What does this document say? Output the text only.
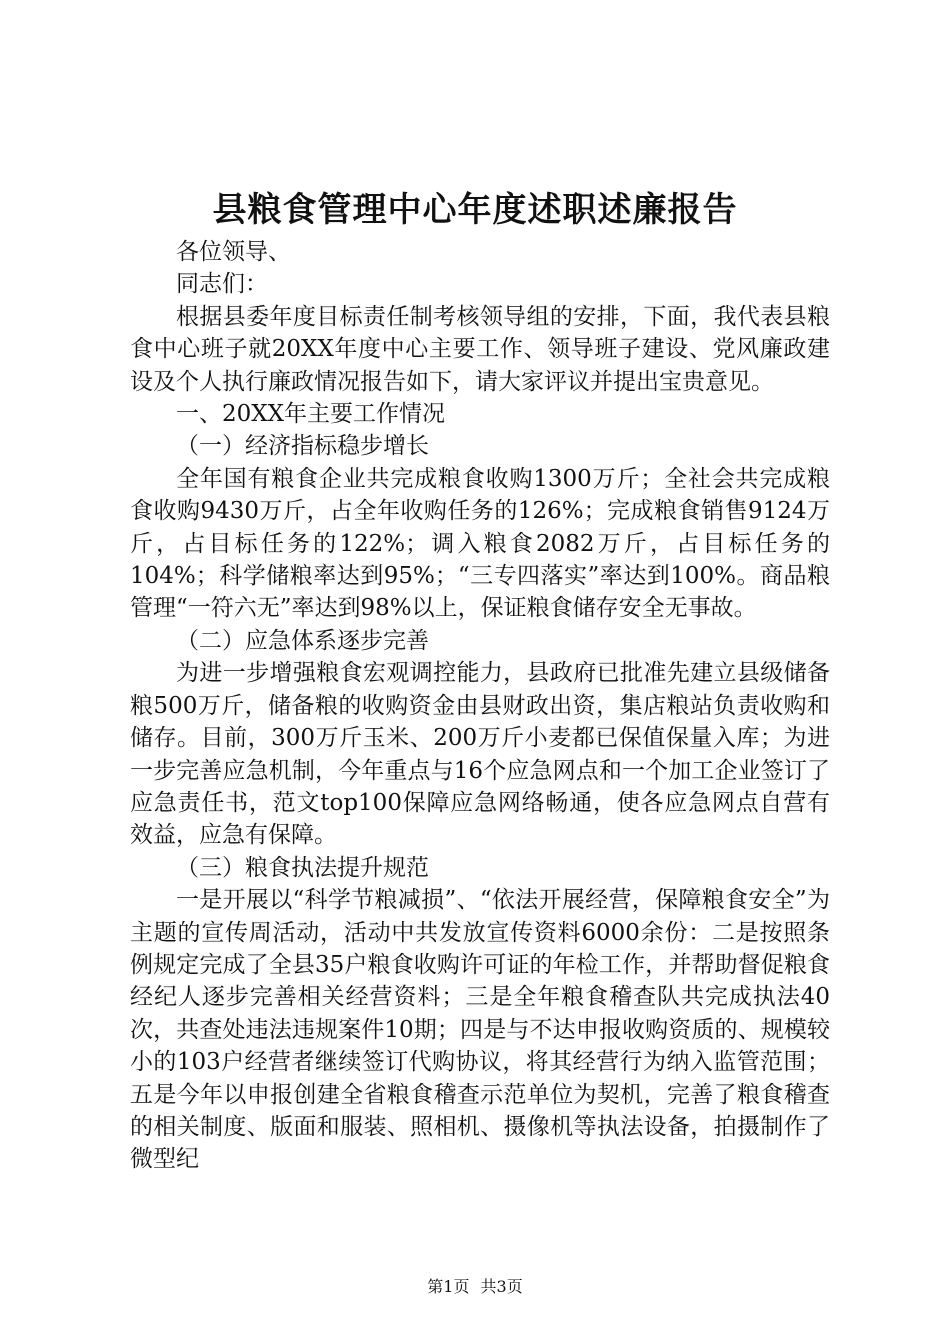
县粮食管理中心年度述职述廉报告

各位领导、

同志们：

根据县委年度目标责任制考核领导组的安排，下面，我代表县粮食中心班子就20XX年度中心主要工作、领导班子建设、党风廉政建设及个人执行廉政情况报告如下，请大家评议并提出宝贵意见。

一、20XX年主要工作情况

（一）经济指标稳步增长

全年国有粮食企业共完成粮食收购1300万斤；全社会共完成粮食收购9430万斤，占全年收购任务的126%；完成粮食销售9124万斤，占目标任务的122%；调入粮食2082万斤，占目标任务的104%；科学储粮率达到95%；“三专四落实”率达到100%。商品粮管理“一符六无”率达到98%以上，保证粮食储存安全无事故。

（二）应急体系逐步完善

为进一步增强粮食宏观调控能力，县政府已批准先建立县级储备粮500万斤，储备粮的收购资金由县财政出资，集店粮站负责收购和储存。目前，300万斤玉米、200万斤小麦都已保值保量入库；为进一步完善应急机制，今年重点与16个应急网点和一个加工企业签订了应急责任书，范文top100保障应急网络畅通，使各应急网点自营有效益，应急有保障。

（三）粮食执法提升规范

一是开展以“科学节粮减损”、“依法开展经营，保障粮食安全”为主题的宣传周活动，活动中共发放宣传资料6000余份：二是按照条例规定完成了全县35户粮食收购许可证的年检工作，并帮助督促粮食经纪人逐步完善相关经营资料；三是全年粮食稽查队共完成执法40次，共查处违法违规案件10期；四是与不达申报收购资质的、规模较小的103户经营者继续签订代购协议，将其经营行为纳入监管范围；五是今年以申报创建全省粮食稽查示范单位为契机，完善了粮食稽查的相关制度、版面和服装、照相机、摄像机等执法设备，拍摄制作了微型纪

第1页 共3页
